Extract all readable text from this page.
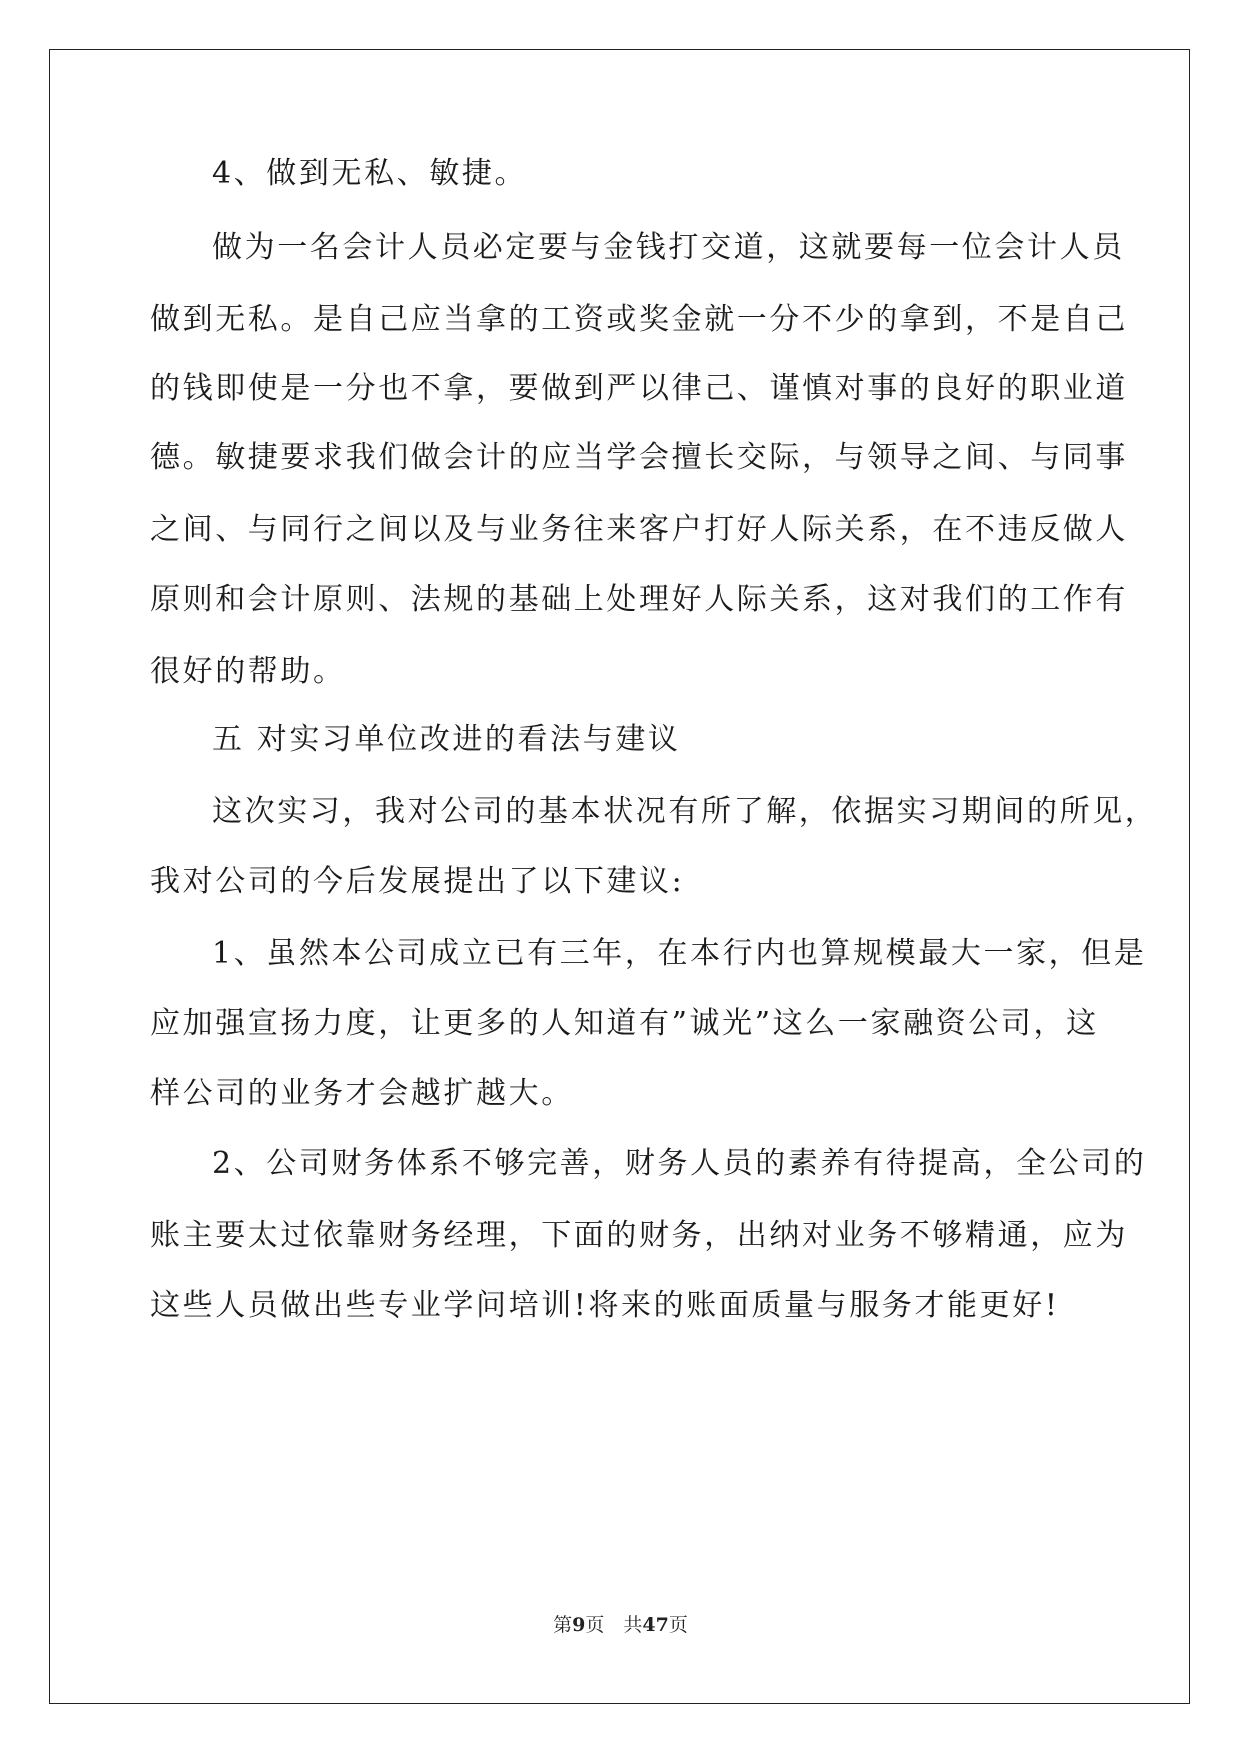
4、做到无私、敏捷。
做为一名会计人员必定要与金钱打交道，这就要每一位会计人员
做到无私。是自己应当拿的工资或奖金就一分不少的拿到，不是自己
的钱即使是一分也不拿，要做到严以律己、谨慎对事的良好的职业道
德。敏捷要求我们做会计的应当学会擅长交际，与领导之间、与同事
之间、与同行之间以及与业务往来客户打好人际关系，在不违反做人
原则和会计原则、法规的基础上处理好人际关系，这对我们的工作有
很好的帮助。
五 对实习单位改进的看法与建议
这次实习，我对公司的基本状况有所了解，依据实习期间的所见，
我对公司的今后发展提出了以下建议:
1、虽然本公司成立已有三年，在本行内也算规模最大一家，但是
应加强宣扬力度，让更多的人知道有”诚光”这么一家融资公司，这
样公司的业务才会越扩越大。
2、公司财务体系不够完善，财务人员的素养有待提高，全公司的
账主要太过依靠财务经理，下面的财务，出纳对业务不够精通，应为
这些人员做出些专业学问培训!将来的账面质量与服务才能更好!
第9页　共47页
